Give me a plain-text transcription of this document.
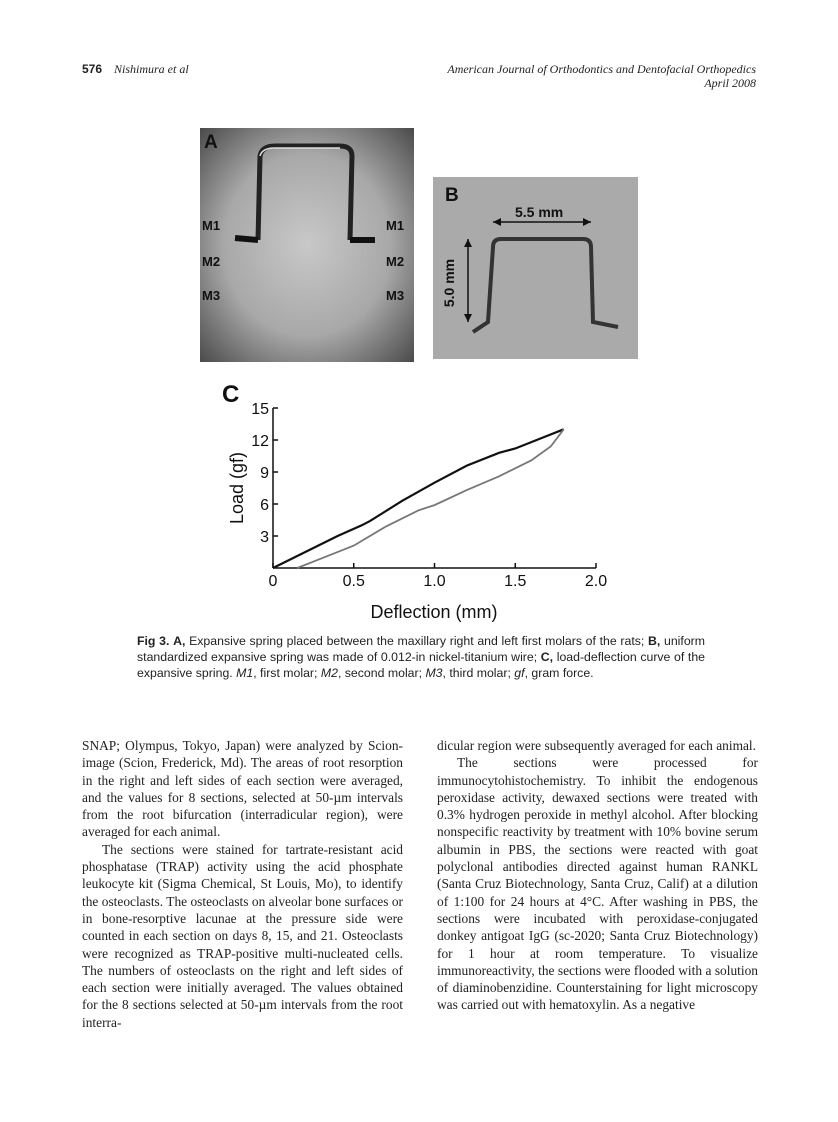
576 Nishimura et al	American Journal of Orthodontics and Dentofacial Orthopedics
April 2008
A
M1
M2
M3
M1
M2
M3
B
5.5 mm
5.0 mm
C
0	0.5	1.0	1.5	2.0
3
6
9
12
15
Deflection (mm)
Load (gf)
Fig 3. A, Expansive spring placed between the maxillary right and left first molars of the rats; B, uniform standardized expansive spring was made of 0.012-in nickel-titanium wire; C, load-deflection curve of the expansive spring. M1, first molar; M2, second molar; M3, third molar; gf, gram force.

SNAP; Olympus, Tokyo, Japan) were analyzed by Scion-image (Scion, Frederick, Md). The areas of root resorption in the right and left sides of each section were averaged, and the values for 8 sections, selected at 50-µm intervals from the root bifurcation (interradicular region), were averaged for each animal.

The sections were stained for tartrate-resistant acid phosphatase (TRAP) activity using the acid phosphate leukocyte kit (Sigma Chemical, St Louis, Mo), to identify the osteoclasts. The osteoclasts on alveolar bone surfaces or in bone-resorptive lacunae at the pressure side were counted in each section on days 8, 15, and 21. Osteoclasts were recognized as TRAP-positive multi-nucleated cells. The numbers of osteoclasts on the right and left sides of each section were initially averaged. The values obtained for the 8 sections selected at 50-µm intervals from the root interra-

dicular region were subsequently averaged for each animal.

The sections were processed for immunocytohistochemistry. To inhibit the endogenous peroxidase activity, dewaxed sections were treated with 0.3% hydrogen peroxide in methyl alcohol. After blocking nonspecific reactivity by treatment with 10% bovine serum albumin in PBS, the sections were reacted with goat polyclonal antibodies directed against human RANKL (Santa Cruz Biotechnology, Santa Cruz, Calif) at a dilution of 1:100 for 24 hours at 4°C. After washing in PBS, the sections were incubated with peroxidase-conjugated donkey antigoat IgG (sc-2020; Santa Cruz Biotechnology) for 1 hour at room temperature. To visualize immunoreactivity, the sections were flooded with a solution of diaminobenzidine. Counterstaining for light microscopy was carried out with hematoxylin. As a negative
